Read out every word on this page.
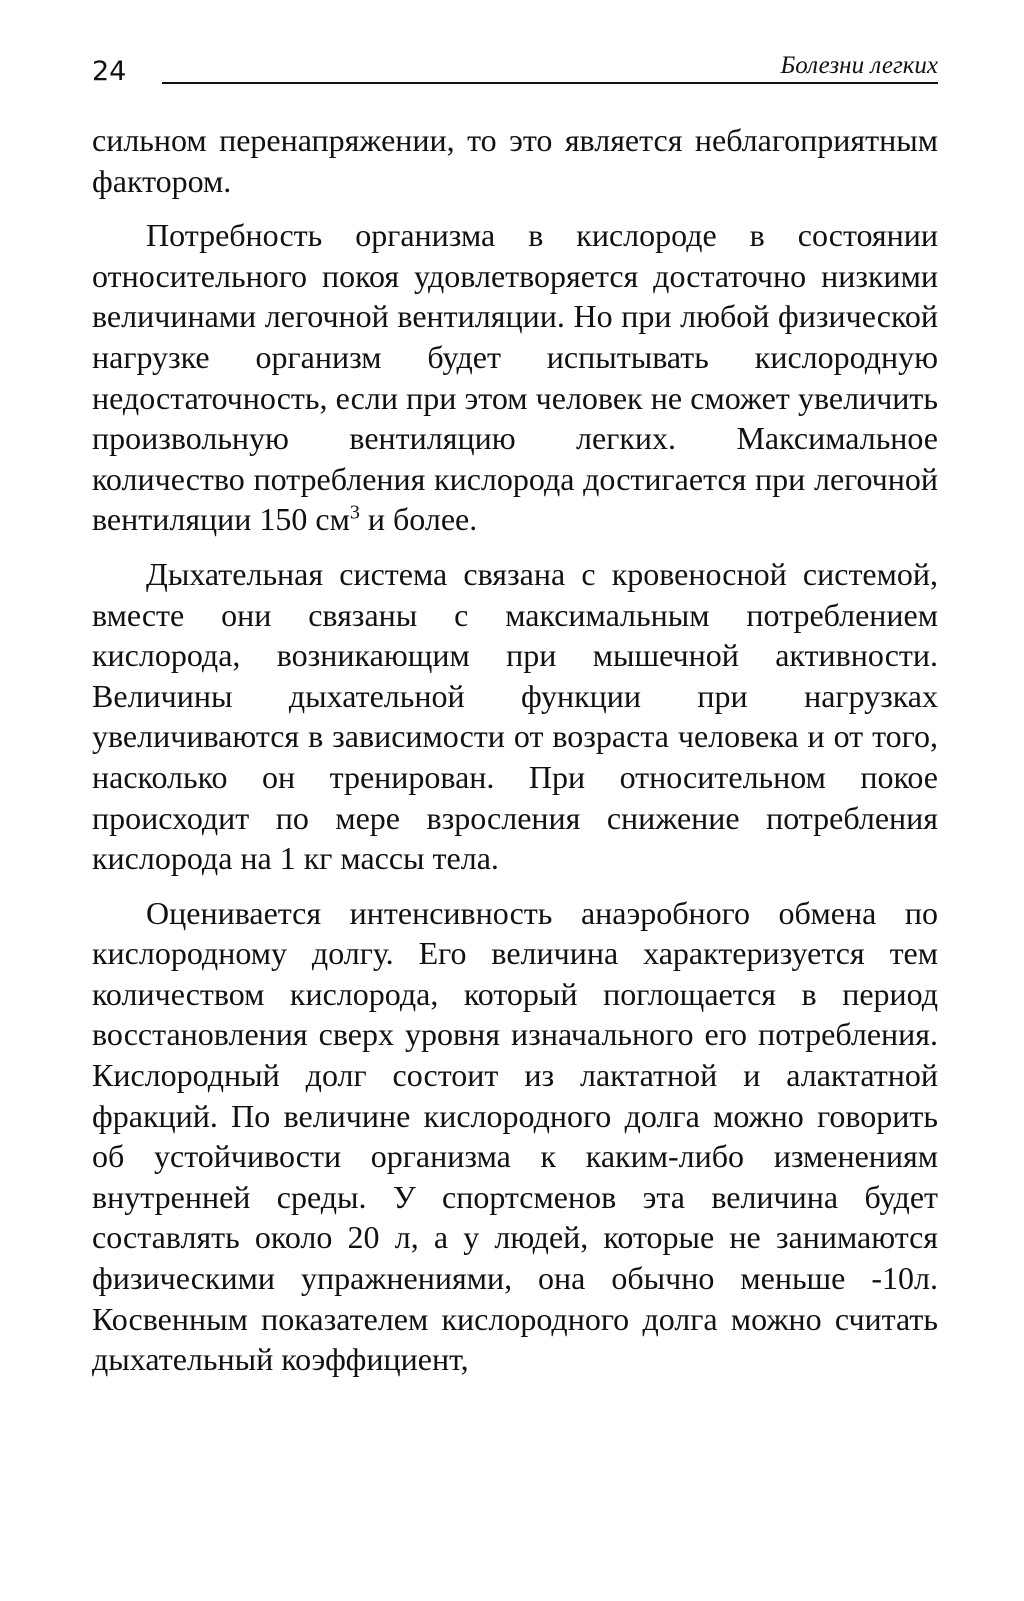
24	Болезни легких

сильном перенапряжении, то это является неблагоприятным фактором.

Потребность организма в кислороде в состоянии относительного покоя удовлетворяется достаточно низкими величинами легочной вентиляции. Но при любой физической нагрузке организм будет испытывать кислородную недостаточность, если при этом человек не сможет увеличить произвольную вентиляцию легких. Максимальное количество потребления кислорода достигается при легочной вентиляции 150 $см^3$ и более.

Дыхательная система связана с кровеносной системой, вместе они связаны с максимальным потреблением кислорода, возникающим при мышечной активности. Величины дыхательной функции при нагрузках увеличиваются в зависимости от возраста человека и от того, насколько он тренирован. При относительном покое происходит по мере взросления снижение потребления кислорода на 1 кг массы тела.

Оценивается интенсивность анаэробного обмена по кислородному долгу. Его величина характеризуется тем количеством кислорода, который поглощается в период восстановления сверх уровня изначального его потребления. Кислородный долг состоит из лактатной и алактатной фракций. По величине кислородного долга можно говорить об устойчивости организма к каким-либо изменениям внутренней среды. У спортсменов эта величина будет составлять около 20 л, а у людей, которые не занимаются физическими упражнениями, она обычно меньше -10л. Косвенным показателем кислородного долга можно считать дыхательный коэффициент,
